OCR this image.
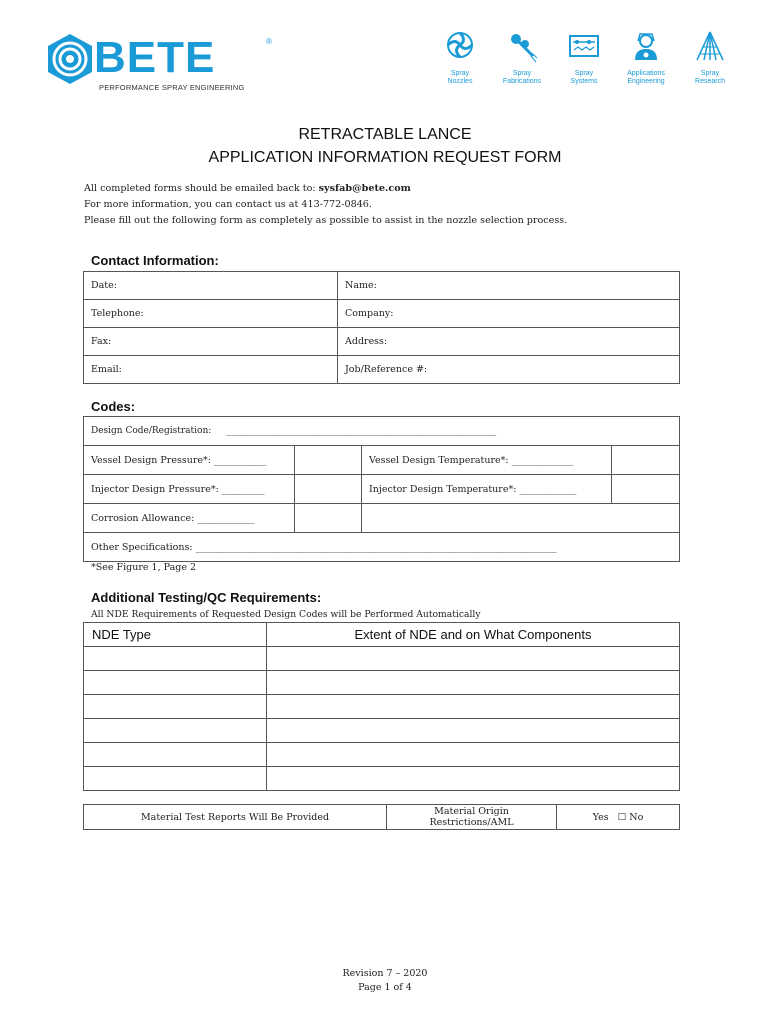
BETE	®
PERFORMANCE SPRAY ENGINEERING
Spray
Nozzles
Spray
Fabrications
Spray
Systems
Applications
Engineering
Spray
Research
RETRACTABLE LANCE
APPLICATION INFORMATION REQUEST FORM
All completed forms should be emailed back to: sysfab@bete.com
For more information, you can contact us at 413-772-0846.
Please fill out the following form as completely as possible to assist in the nozzle selection process.
Contact Information:
Date:	Name:
Telephone:	Company:
Fax:	Address:
Email:	Job/Reference #:
Codes:
Design Code/Registration: ____________________________________________________________			
Vessel Design Pressure*: ___________		Vessel Design Temperature*: _____________	
Injector Design Pressure*: _________		Injector Design Temperature*: ____________	
Corrosion Allowance: ____________			
Other Specifications: ____________________________________________________________________________			
*See Figure 1, Page 2
Additional Testing/QC Requirements:
All NDE Requirements of Requested Design Codes will be Performed Automatically
NDE Type	Extent of NDE and on What Components

Material Test Reports Will Be Provided	Material Origin Restrictions/AML	Yes ☐ No
Revision 7 – 2020
Page 1 of 4
